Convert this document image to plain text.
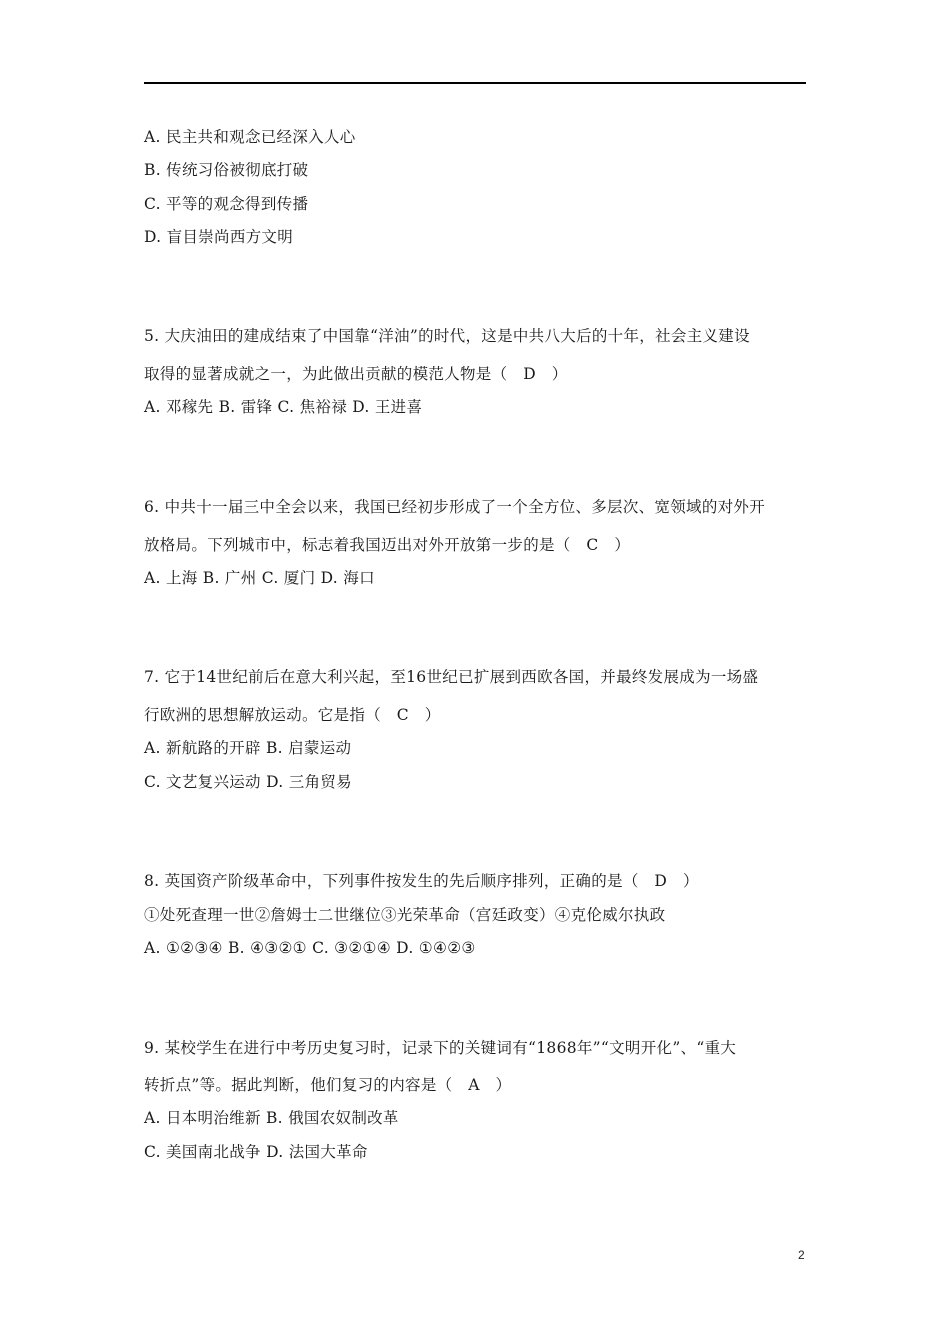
A. 民主共和观念已经深入人心
B. 传统习俗被彻底打破
C. 平等的观念得到传播
D. 盲目崇尚西方文明
5. 大庆油田的建成结束了中国靠“洋油”的时代，这是中共八大后的十年，社会主义建设
取得的显著成就之一，为此做出贡献的模范人物是（　D　）
A. 邓稼先 B. 雷锋 C. 焦裕禄 D. 王进喜
6. 中共十一届三中全会以来，我国已经初步形成了一个全方位、多层次、宽领域的对外开
放格局。下列城市中，标志着我国迈出对外开放第一步的是（　C　）
A. 上海 B. 广州 C. 厦门 D. 海口
7. 它于14世纪前后在意大利兴起，至16世纪已扩展到西欧各国，并最终发展成为一场盛
行欧洲的思想解放运动。它是指（　C　）
A. 新航路的开辟 B. 启蒙运动
C. 文艺复兴运动 D. 三角贸易
8. 英国资产阶级革命中，下列事件按发生的先后顺序排列，正确的是（　D　）
①处死查理一世②詹姆士二世继位③光荣革命（宫廷政变）④克伦威尔执政
A. ①②③④ B. ④③②① C. ③②①④ D. ①④②③
9. 某校学生在进行中考历史复习时，记录下的关键词有“1868年”“文明开化”、“重大
转折点”等。据此判断，他们复习的内容是（　A　）
A. 日本明治维新 B. 俄国农奴制改革
C. 美国南北战争 D. 法国大革命
2
